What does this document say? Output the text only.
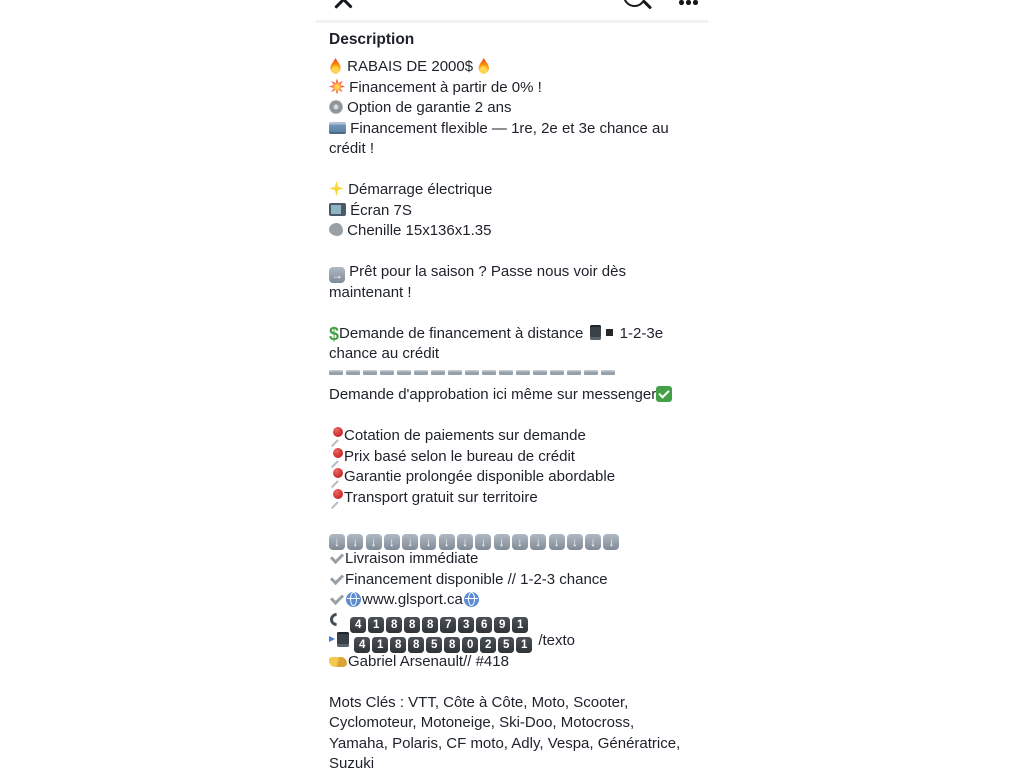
Description
RABAIS DE 2000$
Financement à partir de 0% !
Option de garantie 2 ans
Financement flexible — 1re, 2e et 3e chance au
crédit !
Démarrage électrique
Écran 7S
Chenille 15x136x1.35
→ Prêt pour la saison ? Passe nous voir dès
maintenant !
$Demande de financement à distance  1-2-3e
chance au crédit
Demande d'approbation ici même sur messenger
Cotation de paiements sur demande
Prix basé selon le bureau de crédit
Garantie prolongée disponible abordable
Transport gratuit sur territoire
↓ ↓ ↓ ↓ ↓ ↓ ↓ ↓ ↓ ↓ ↓ ↓ ↓ ↓ ↓ ↓
Livraison immédiate
Financement disponible // 1-2-3 chance
www.glsport.ca
4 1 8 8 8 7 3 6 9 1
4 1 8 8 5 8 0 2 5 1 /texto
Gabriel Arsenault// #418
Mots Clés : VTT, Côte à Côte, Moto, Scooter,
Cyclomoteur, Motoneige, Ski-Doo, Motocross,
Yamaha, Polaris, CF moto, Adly, Vespa, Génératrice,
Suzuki
